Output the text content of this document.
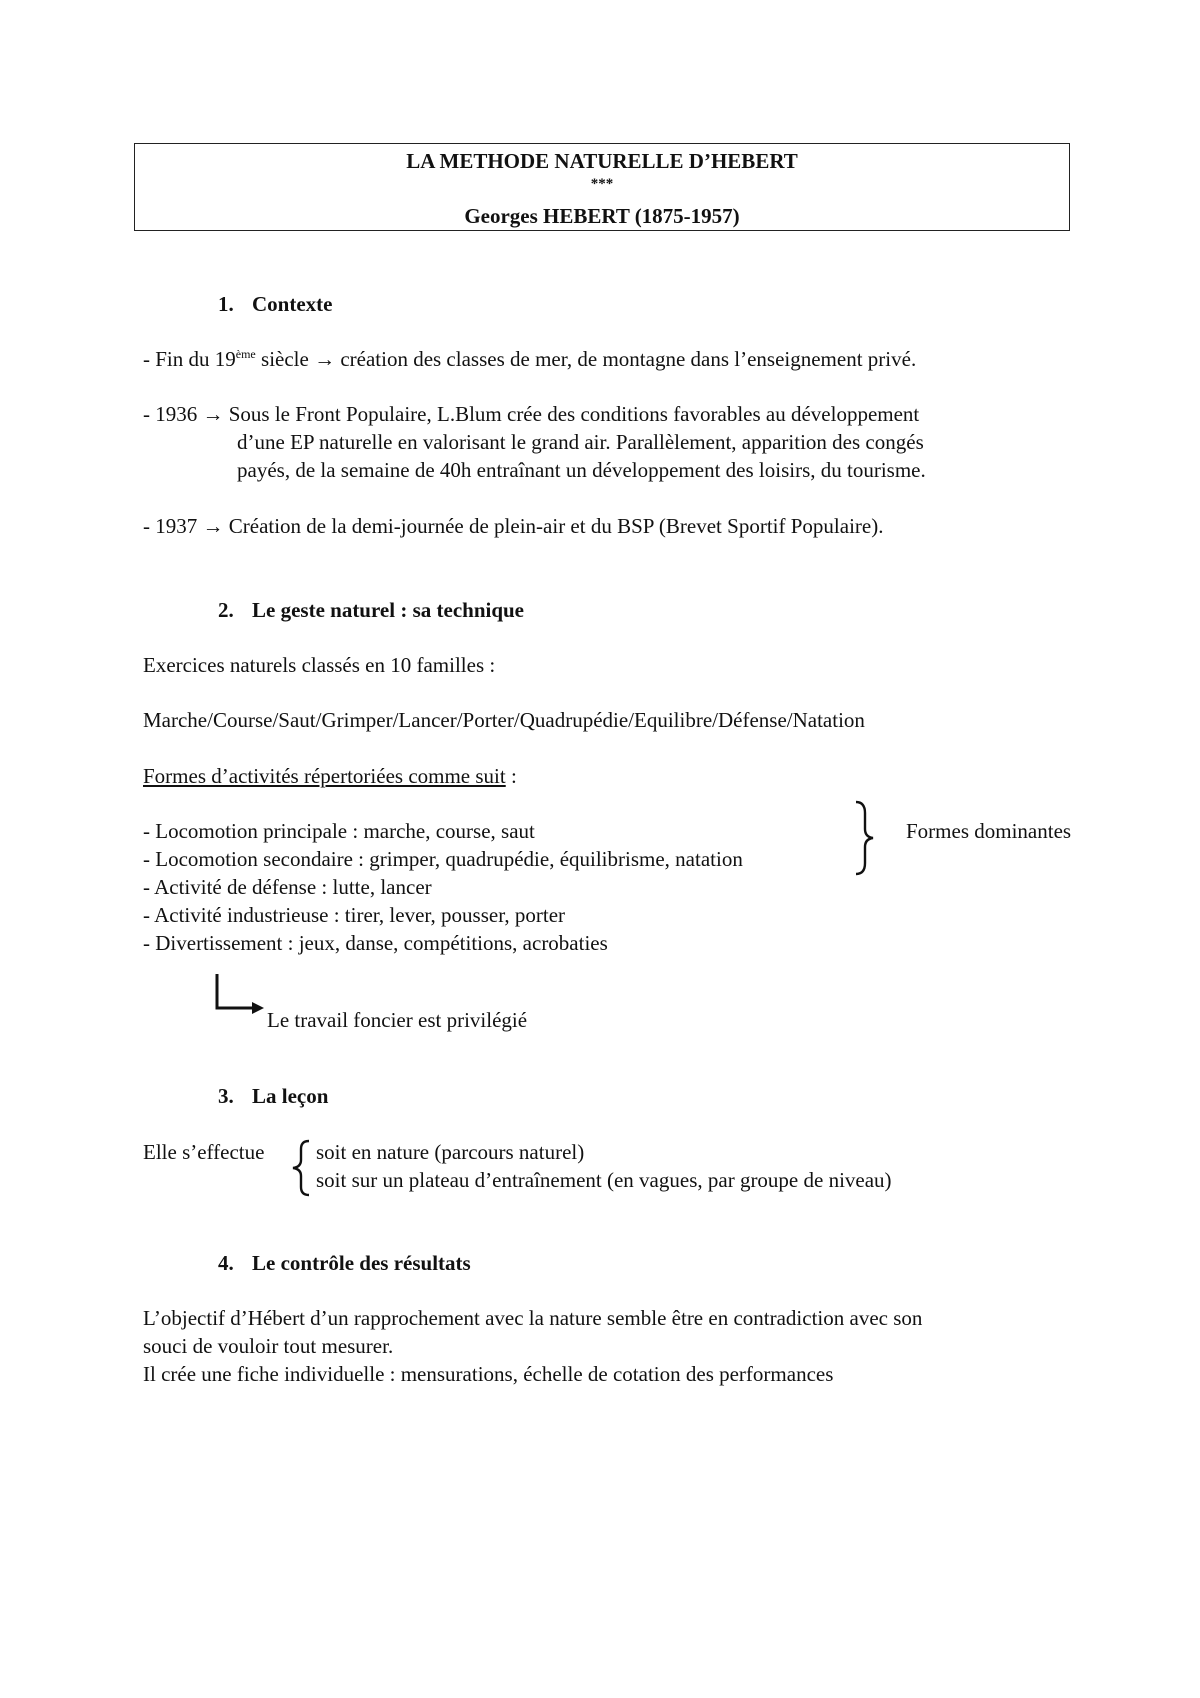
LA METHODE NATURELLE D’HEBERT
***
Georges HEBERT (1875-1957)
1. Contexte
- Fin du 19ème siècle → création des classes de mer, de montagne dans l’enseignement privé.
- 1936 → Sous le Front Populaire, L.Blum crée des conditions favorables au développement
d’une EP naturelle en valorisant le grand air. Parallèlement, apparition des congés
payés, de la semaine de 40h entraînant un développement des loisirs, du tourisme.
- 1937 → Création de la demi-journée de plein-air et du BSP (Brevet Sportif Populaire).
2. Le geste naturel : sa technique
Exercices naturels classés en 10 familles :
Marche/Course/Saut/Grimper/Lancer/Porter/Quadrupédie/Equilibre/Défense/Natation
Formes d’activités répertoriées comme suit :
- Locomotion principale : marche, course, saut
- Locomotion secondaire : grimper, quadrupédie, équilibrisme, natation
- Activité de défense : lutte, lancer
- Activité industrieuse : tirer, lever, pousser, porter
- Divertissement : jeux, danse, compétitions, acrobaties
Formes dominantes
Le travail foncier est privilégié
3. La leçon
Elle s’effectue soit en nature (parcours naturel)
soit sur un plateau d’entraînement (en vagues, par groupe de niveau)
4. Le contrôle des résultats
L’objectif d’Hébert d’un rapprochement avec la nature semble être en contradiction avec son
souci de vouloir tout mesurer.
Il crée une fiche individuelle : mensurations, échelle de cotation des performances
